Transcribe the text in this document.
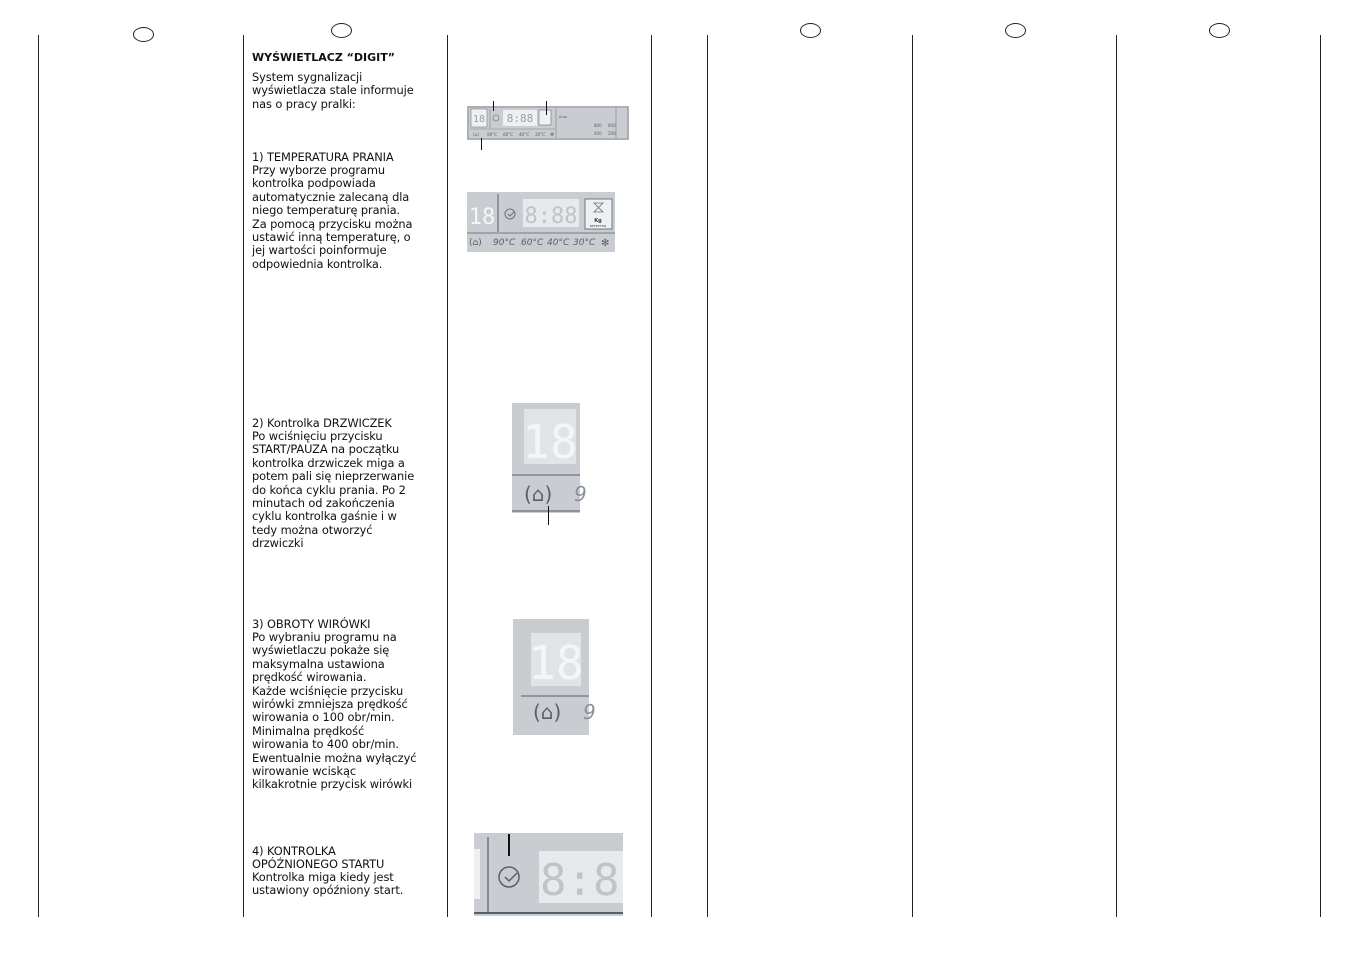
WYŚWIETLACZ “DIGIT”
System sygnalizacji
wyświetlacza stale informuje
nas o pracy pralki:
1) TEMPERATURA PRANIA
Przy wyborze programu
kontrolka podpowiada
automatycznie zalecaną dla
niego temperaturę prania.
Za pomocą przycisku można
ustawić inną temperaturę, o
jej wartości poinformuje
odpowiednia kontrolka.
2) Kontrolka DRZWICZEK
Po wciśnięciu przycisku
START/PAUZA na początku
kontrolka drzwiczek miga a
potem pali się nieprzerwanie
do końca cyklu prania. Po 2
minutach od zakończenia
cyklu kontrolka gaśnie i w
tedy można otworzyć
drzwiczki
3) OBROTY WIRÓWKI
Po wybraniu programu na
wyświetlaczu pokaże się
maksymalna ustawiona
prędkość wirowania.
Każde wciśnięcie przycisku
wirówki zmniejsza prędkość
wirowania o 100 obr/min.
Minimalna prędkość
wirowania to 400 obr/min.
Ewentualnie można wyłączyć
wirowanie wciskąc
kilkakrotnie przycisk wirówki
4) KONTROLKA
OPÓŹNIONEGO STARTU
Kontrolka miga kiedy jest
ustawiony opóźniony start.
18 8:88	Auto
800 600
400 200
(⌂) 90°C 60°C 40°C 30°C ✻
18 8:88	Kg
DETECTOR
(⌂) 90°C 60°C 40°C 30°C ✻
18
(⌂) 9
18
(⌂) 9
8:8
